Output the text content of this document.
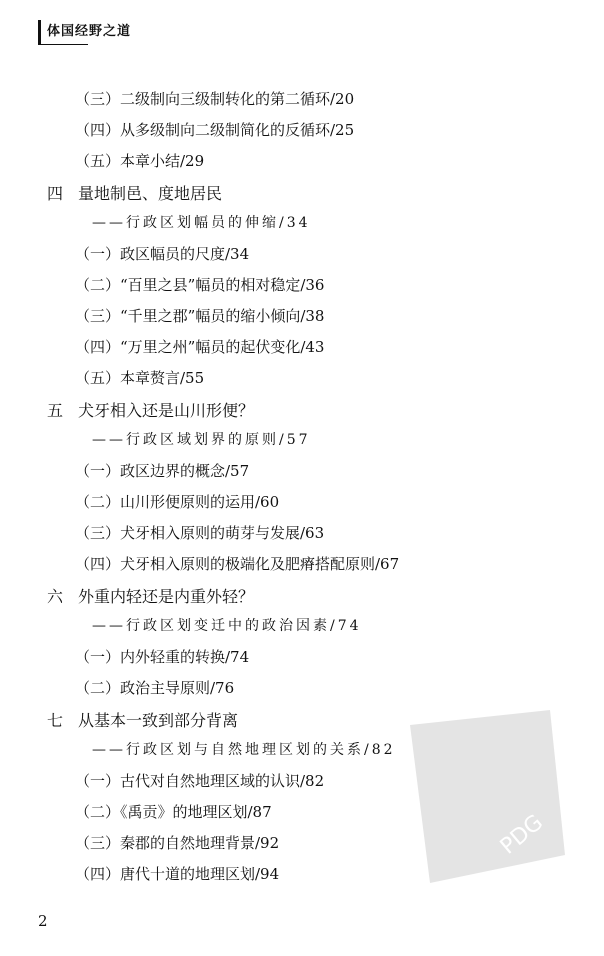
体国经野之道
（三）二级制向三级制转化的第二循环/20
（四）从多级制向二级制简化的反循环/25
（五）本章小结/29
四 量地制邑、度地居民
——行政区划幅员的伸缩/34
（一）政区幅员的尺度/34
（二）“百里之县”幅员的相对稳定/36
（三）“千里之郡”幅员的缩小倾向/38
（四）“万里之州”幅员的起伏变化/43
（五）本章赘言/55
五 犬牙相入还是山川形便？
——行政区域划界的原则/57
（一）政区边界的概念/57
（二）山川形便原则的运用/60
（三）犬牙相入原则的萌芽与发展/63
（四）犬牙相入原则的极端化及肥瘠搭配原则/67
六 外重内轻还是内重外轻？
——行政区划变迁中的政治因素/74
（一）内外轻重的转换/74
（二）政治主导原则/76
七 从基本一致到部分背离
——行政区划与自然地理区划的关系/82
（一）古代对自然地理区域的认识/82
（二）《禹贡》的地理区划/87
（三）秦郡的自然地理背景/92
（四）唐代十道的地理区划/94
2
PDG
